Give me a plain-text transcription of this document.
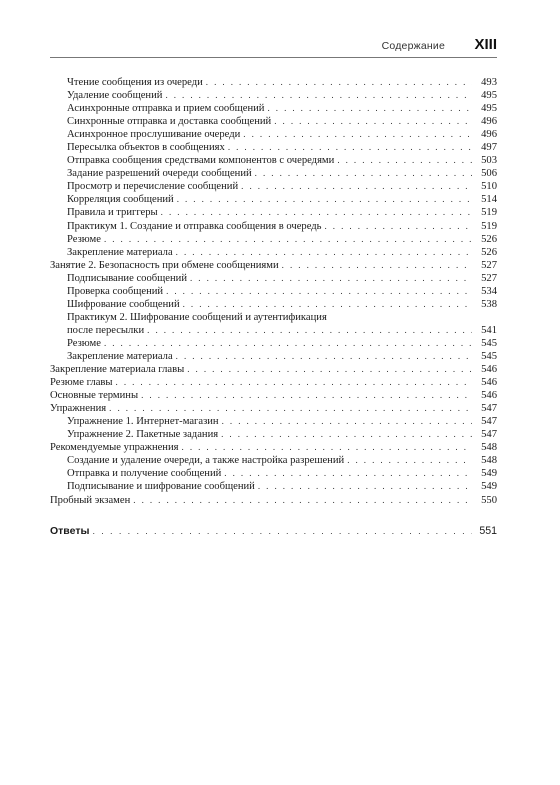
Содержание XIII
Чтение сообщения из очереди . . .	493
Удаление сообщений . . .	495
Асинхронные отправка и прием сообщений . . .	495
Синхронные отправка и доставка сообщений . . .	496
Асинхронное прослушивание очереди . . .	496
Пересылка объектов в сообщениях . . .	497
Отправка сообщения средствами компонентов с очередями . . .	503
Задание разрешений очереди сообщений . . .	506
Просмотр и перечисление сообщений . . .	510
Корреляция сообщений . . .	514
Правила и триггеры . . .	519
Практикум 1. Создание и отправка сообщения в очередь . . .	519
Резюме . . .	526
Закрепление материала . . .	526
Занятие 2. Безопасность при обмене сообщениями . . .	527
Подписывание сообщений . . .	527
Проверка сообщений . . .	534
Шифрование сообщений . . .	538
Практикум 2. Шифрование сообщений и аутентификация
после пересылки . . .	541
Резюме . . .	545
Закрепление материала . . .	545
Закрепление материала главы . . .	546
Резюме главы . . .	546
Основные термины . . .	546
Упражнения . . .	547
Упражнение 1. Интернет-магазин . . .	547
Упражнение 2. Пакетные задания . . .	547
Рекомендуемые упражнения . . .	548
Создание и удаление очереди, а также настройка разрешений . . .	548
Отправка и получение сообщений . . .	549
Подписывание и шифрование сообщений . . .	549
Пробный экзамен . . .	550
Ответы . . .	551
